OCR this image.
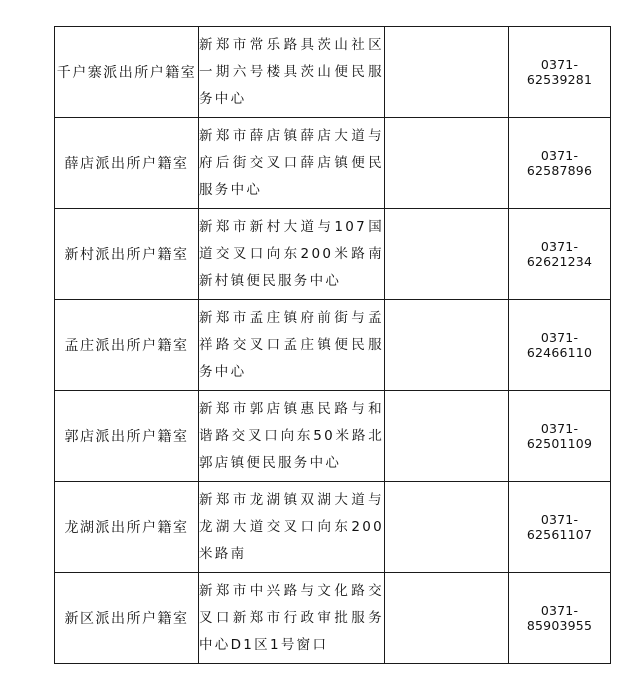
千户寨派出所户籍室	新郑市常乐路具茨山社区一期六号楼具茨山便民服务中心		0371-62539281
薛店派出所户籍室	新郑市薛店镇薛店大道与府后街交叉口薛店镇便民服务中心		0371-62587896
新村派出所户籍室	新郑市新村大道与107国道交叉口向东200米路南新村镇便民服务中心		0371-62621234
孟庄派出所户籍室	新郑市孟庄镇府前街与孟祥路交叉口孟庄镇便民服务中心		0371-62466110
郭店派出所户籍室	新郑市郭店镇惠民路与和谐路交叉口向东50米路北郭店镇便民服务中心		0371-62501109
龙湖派出所户籍室	新郑市龙湖镇双湖大道与龙湖大道交叉口向东200米路南		0371-62561107
新区派出所户籍室	新郑市中兴路与文化路交叉口新郑市行政审批服务中心D1区1号窗口		0371-85903955
